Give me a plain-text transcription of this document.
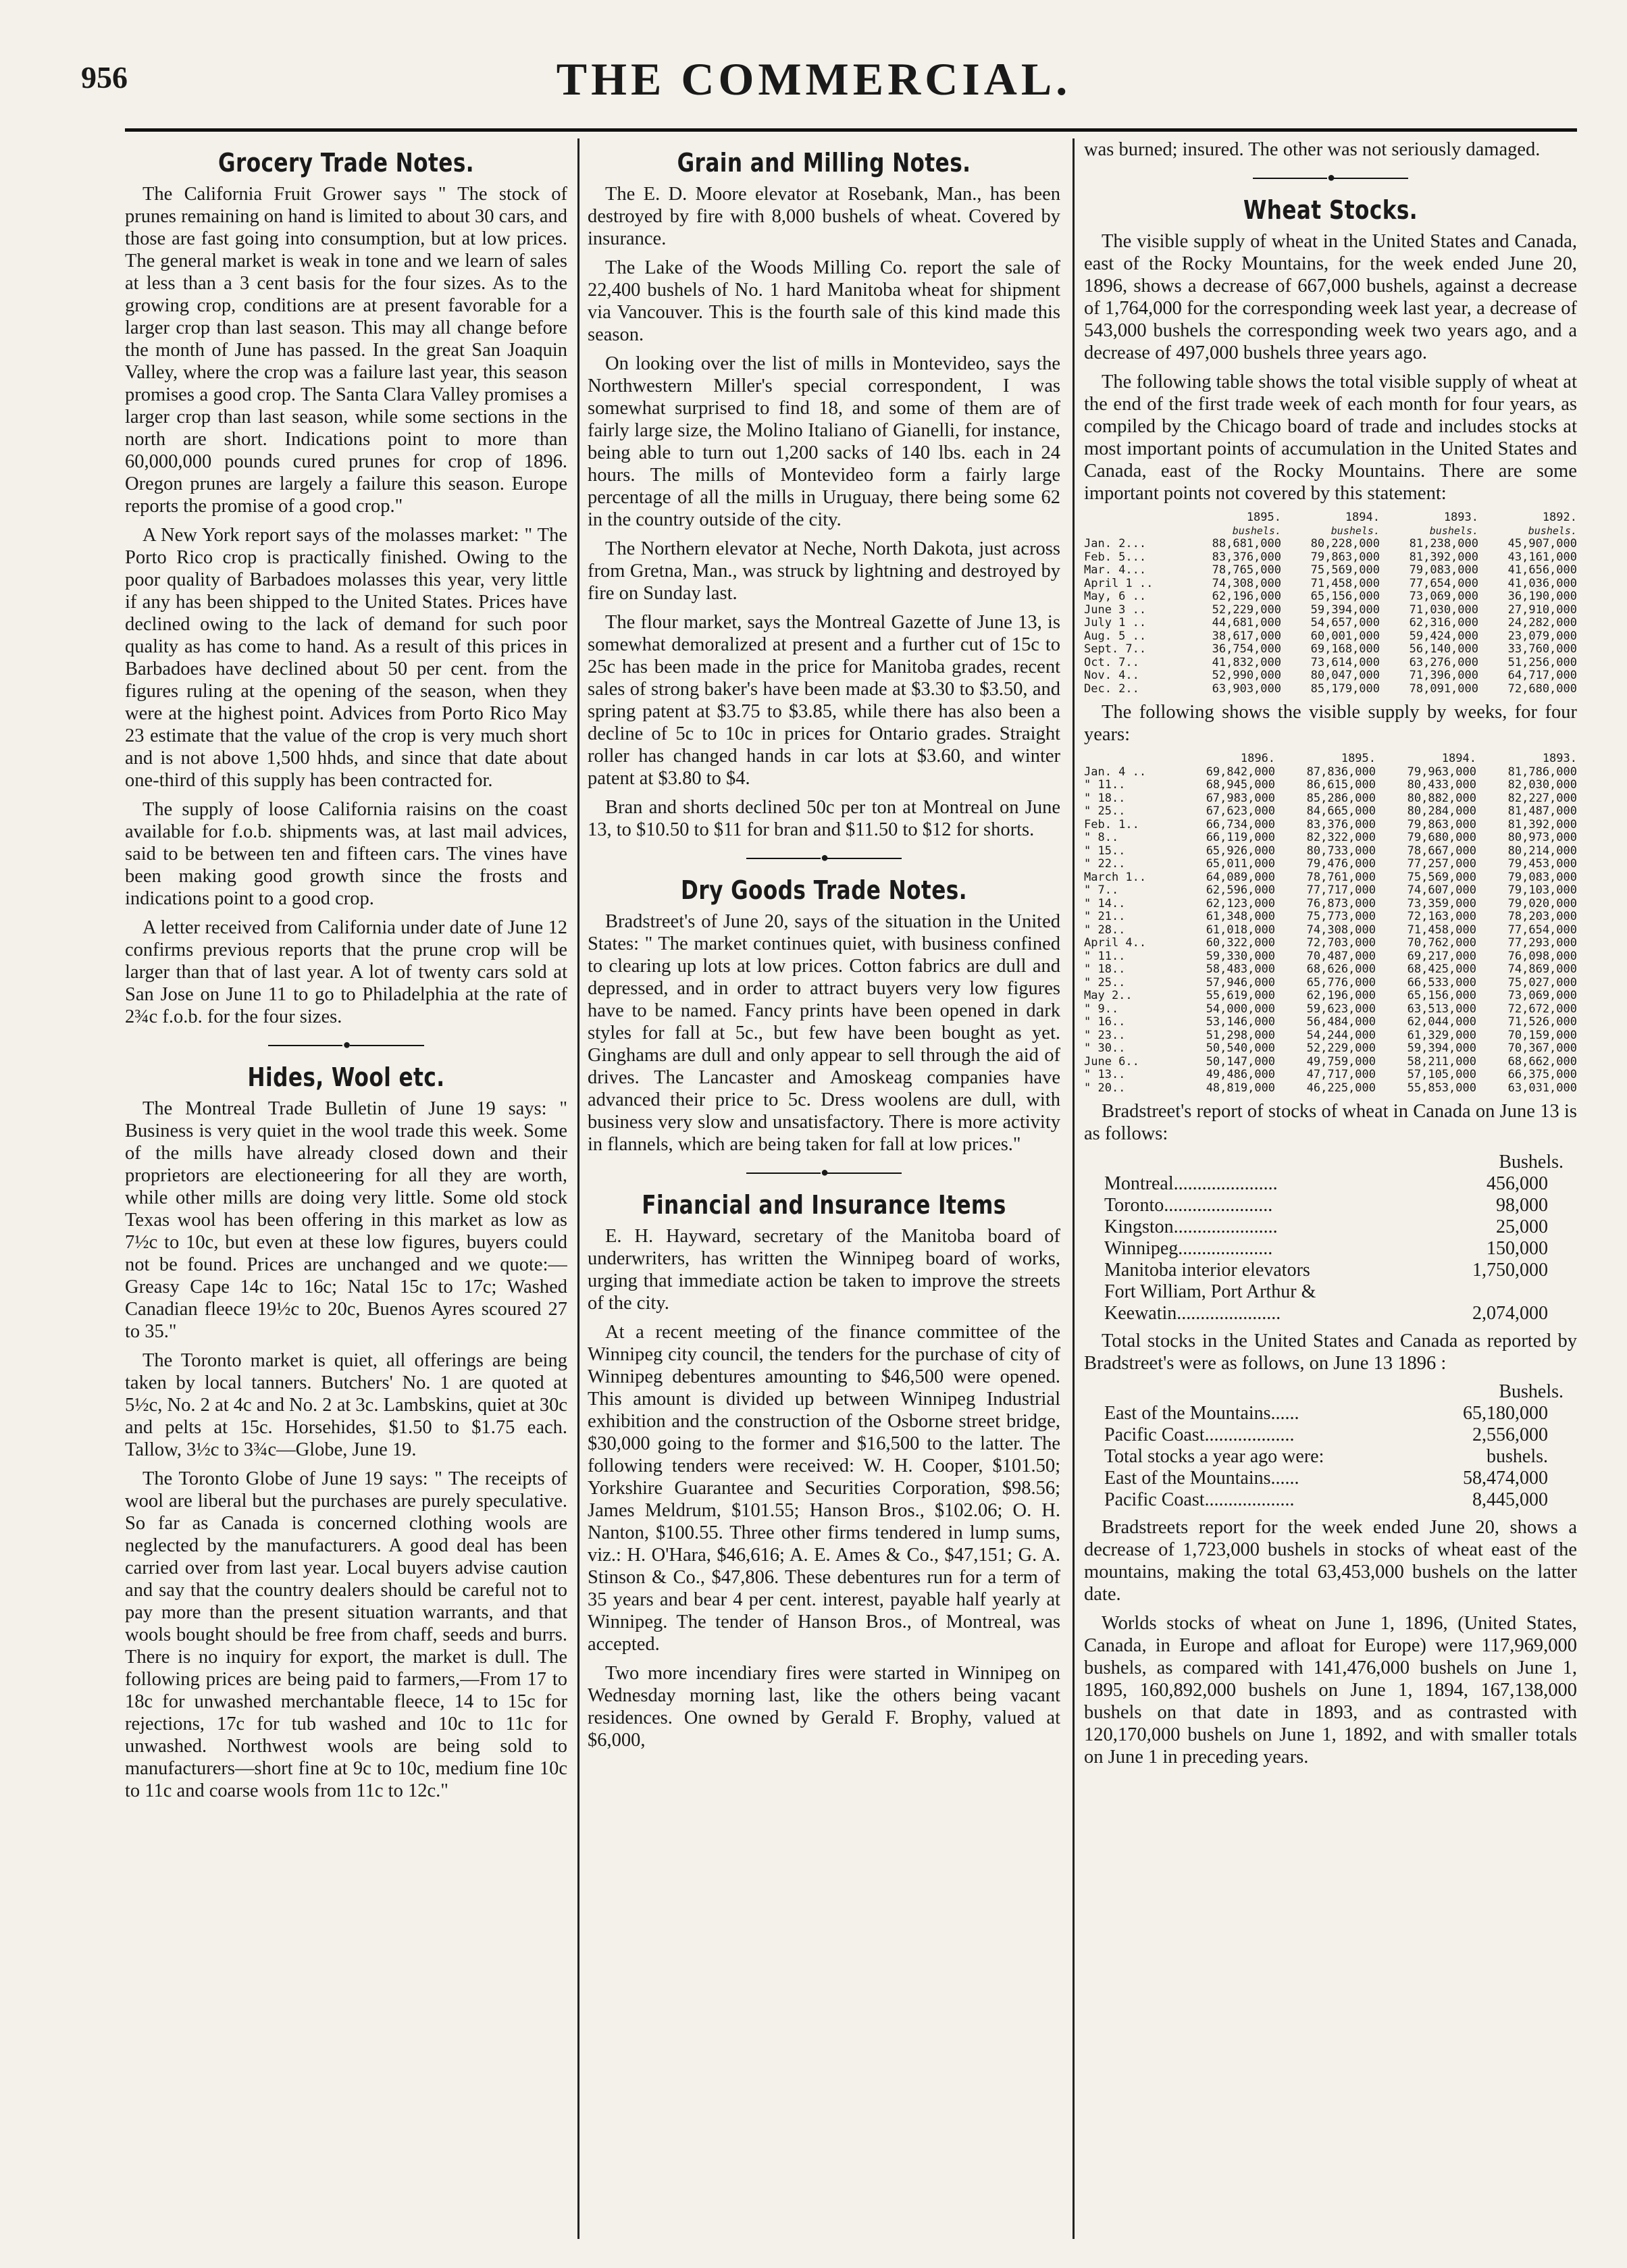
956	THE COMMERCIAL.
Grocery Trade Notes.

The California Fruit Grower says " The stock of prunes remaining on hand is limited to about 30 cars, and those are fast going into consumption, but at low prices. The general market is weak in tone and we learn of sales at less than a 3 cent basis for the four sizes. As to the growing crop, conditions are at present favorable for a larger crop than last season. This may all change before the month of June has passed. In the great San Joaquin Valley, where the crop was a failure last year, this season promises a good crop. The Santa Clara Valley promises a larger crop than last season, while some sections in the north are short. Indications point to more than 60,000,000 pounds cured prunes for crop of 1896. Oregon prunes are largely a failure this season. Europe reports the promise of a good crop."

A New York report says of the molasses market: " The Porto Rico crop is practically finished. Owing to the poor quality of Barbadoes molasses this year, very little if any has been shipped to the United States. Prices have declined owing to the lack of demand for such poor quality as has come to hand. As a result of this prices in Barbadoes have declined about 50 per cent. from the figures ruling at the opening of the season, when they were at the highest point. Advices from Porto Rico May 23 estimate that the value of the crop is very much short and is not above 1,500 hhds, and since that date about one-third of this supply has been contracted for.

The supply of loose California raisins on the coast available for f.o.b. shipments was, at last mail advices, said to be between ten and fifteen cars. The vines have been making good growth since the frosts and indications point to a good crop.

A letter received from California under date of June 12 confirms previous reports that the prune crop will be larger than that of last year. A lot of twenty cars sold at San Jose on June 11 to go to Philadelphia at the rate of 2¾c f.o.b. for the four sizes.

●
Hides, Wool etc.

The Montreal Trade Bulletin of June 19 says: " Business is very quiet in the wool trade this week. Some of the mills have already closed down and their proprietors are electioneering for all they are worth, while other mills are doing very little. Some old stock Texas wool has been offering in this market as low as 7½c to 10c, but even at these low figures, buyers could not be found. Prices are unchanged and we quote:—Greasy Cape 14c to 16c; Natal 15c to 17c; Washed Canadian fleece 19½c to 20c, Buenos Ayres scoured 27 to 35."

The Toronto market is quiet, all offerings are being taken by local tanners. Butchers' No. 1 are quoted at 5½c, No. 2 at 4c and No. 2 at 3c. Lambskins, quiet at 30c and pelts at 15c. Horsehides, $1.50 to $1.75 each. Tallow, 3½c to 3¾c—Globe, June 19.

The Toronto Globe of June 19 says: " The receipts of wool are liberal but the purchases are purely speculative. So far as Canada is concerned clothing wools are neglected by the manufacturers. A good deal has been carried over from last year. Local buyers advise caution and say that the country dealers should be careful not to pay more than the present situation warrants, and that wools bought should be free from chaff, seeds and burrs. There is no inquiry for export, the market is dull. The following prices are being paid to farmers,—From 17 to 18c for unwashed merchantable fleece, 14 to 15c for rejections, 17c for tub washed and 10c to 11c for unwashed. Northwest wools are being sold to manufacturers—short fine at 9c to 10c, medium fine 10c to 11c and coarse wools from 11c to 12c."

Grain and Milling Notes.

The E. D. Moore elevator at Rosebank, Man., has been destroyed by fire with 8,000 bushels of wheat. Covered by insurance.

The Lake of the Woods Milling Co. report the sale of 22,400 bushels of No. 1 hard Manitoba wheat for shipment via Vancouver. This is the fourth sale of this kind made this season.

On looking over the list of mills in Montevideo, says the Northwestern Miller's special correspondent, I was somewhat surprised to find 18, and some of them are of fairly large size, the Molino Italiano of Gianelli, for instance, being able to turn out 1,200 sacks of 140 lbs. each in 24 hours. The mills of Montevideo form a fairly large percentage of all the mills in Uruguay, there being some 62 in the country outside of the city.

The Northern elevator at Neche, North Dakota, just across from Gretna, Man., was struck by lightning and destroyed by fire on Sunday last.

The flour market, says the Montreal Gazette of June 13, is somewhat demoralized at present and a further cut of 15c to 25c has been made in the price for Manitoba grades, recent sales of strong baker's have been made at $3.30 to $3.50, and spring patent at $3.75 to $3.85, while there has also been a decline of 5c to 10c in prices for Ontario grades. Straight roller has changed hands in car lots at $3.60, and winter patent at $3.80 to $4.

Bran and shorts declined 50c per ton at Montreal on June 13, to $10.50 to $11 for bran and $11.50 to $12 for shorts.

●
Dry Goods Trade Notes.

Bradstreet's of June 20, says of the situation in the United States: " The market continues quiet, with business confined to clearing up lots at low prices. Cotton fabrics are dull and depressed, and in order to attract buyers very low figures have to be named. Fancy prints have been opened in dark styles for fall at 5c., but few have been bought as yet. Ginghams are dull and only appear to sell through the aid of drives. The Lancaster and Amoskeag companies have advanced their price to 5c. Dress woolens are dull, with business very slow and unsatisfactory. There is more activity in flannels, which are being taken for fall at low prices."

●
Financial and Insurance Items

E. H. Hayward, secretary of the Manitoba board of underwriters, has written the Winnipeg board of works, urging that immediate action be taken to improve the streets of the city.

At a recent meeting of the finance committee of the Winnipeg city council, the tenders for the purchase of city of Winnipeg debentures amounting to $46,500 were opened. This amount is divided up between Winnipeg Industrial exhibition and the construction of the Osborne street bridge, $30,000 going to the former and $16,500 to the latter. The following tenders were received: W. H. Cooper, $101.50; Yorkshire Guarantee and Securities Corporation, $98.56; James Meldrum, $101.55; Hanson Bros., $102.06; O. H. Nanton, $100.55. Three other firms tendered in lump sums, viz.: H. O'Hara, $46,616; A. E. Ames & Co., $47,151; G. A. Stinson & Co., $47,806. These debentures run for a term of 35 years and bear 4 per cent. interest, payable half yearly at Winnipeg. The tender of Hanson Bros., of Montreal, was accepted.

Two more incendiary fires were started in Winnipeg on Wednesday morning last, like the others being vacant residences. One owned by Gerald F. Brophy, valued at $6,000,

was burned; insured. The other was not seriously damaged.

●
Wheat Stocks.

The visible supply of wheat in the United States and Canada, east of the Rocky Mountains, for the week ended June 20, 1896, shows a decrease of 667,000 bushels, against a decrease of 1,764,000 for the corresponding week last year, a decrease of 543,000 bushels the corresponding week two years ago, and a decrease of 497,000 bushels three years ago.

The following table shows the total visible supply of wheat at the end of the first trade week of each month for four years, as compiled by the Chicago board of trade and includes stocks at most important points of accumulation in the United States and Canada, east of the Rocky Mountains. There are some important points not covered by this statement:

	1895.	1894.	1893.	1892.
	bushels.	bushels.	bushels.	bushels.
Jan. 2...	88,681,000	80,228,000	81,238,000	45,907,000
Feb. 5...	83,376,000	79,863,000	81,392,000	43,161,000
Mar. 4...	78,765,000	75,569,000	79,083,000	41,656,000
April 1 ..	74,308,000	71,458,000	77,654,000	41,036,000
May, 6 ..	62,196,000	65,156,000	73,069,000	36,190,000
June 3 ..	52,229,000	59,394,000	71,030,000	27,910,000
July 1 ..	44,681,000	54,657,000	62,316,000	24,282,000
Aug. 5 ..	38,617,000	60,001,000	59,424,000	23,079,000
Sept. 7..	36,754,000	69,168,000	56,140,000	33,760,000
Oct. 7..	41,832,000	73,614,000	63,276,000	51,256,000
Nov. 4..	52,990,000	80,047,000	71,396,000	64,717,000
Dec. 2..	63,903,000	85,179,000	78,091,000	72,680,000

The following shows the visible supply by weeks, for four years:

	1896.	1895.	1894.	1893.
Jan. 4 ..	69,842,000	87,836,000	79,963,000	81,786,000
" 11..	68,945,000	86,615,000	80,433,000	82,030,000
" 18..	67,983,000	85,286,000	80,882,000	82,227,000
" 25..	67,623,000	84,665,000	80,284,000	81,487,000
Feb. 1..	66,734,000	83,376,000	79,863,000	81,392,000
" 8..	66,119,000	82,322,000	79,680,000	80,973,000
" 15..	65,926,000	80,733,000	78,667,000	80,214,000
" 22..	65,011,000	79,476,000	77,257,000	79,453,000
March 1..	64,089,000	78,761,000	75,569,000	79,083,000
" 7..	62,596,000	77,717,000	74,607,000	79,103,000
" 14..	62,123,000	76,873,000	73,359,000	79,020,000
" 21..	61,348,000	75,773,000	72,163,000	78,203,000
" 28..	61,018,000	74,308,000	71,458,000	77,654,000
April 4..	60,322,000	72,703,000	70,762,000	77,293,000
" 11..	59,330,000	70,487,000	69,217,000	76,098,000
" 18..	58,483,000	68,626,000	68,425,000	74,869,000
" 25..	57,946,000	65,776,000	66,533,000	75,027,000
May 2..	55,619,000	62,196,000	65,156,000	73,069,000
" 9..	54,000,000	59,623,000	63,513,000	72,672,000
" 16..	53,146,000	56,484,000	62,044,000	71,526,000
" 23..	51,298,000	54,244,000	61,329,000	70,159,000
" 30..	50,540,000	52,229,000	59,394,000	70,367,000
June 6..	50,147,000	49,759,000	58,211,000	68,662,000
" 13..	49,486,000	47,717,000	57,105,000	66,375,000
" 20..	48,819,000	46,225,000	55,853,000	63,031,000

Bradstreet's report of stocks of wheat in Canada on June 13 is as follows:

Bushels.
Montreal......................	456,000
Toronto.......................	98,000
Kingston......................	25,000
Winnipeg....................	150,000
Manitoba interior elevators	1,750,000
Fort William, Port Arthur &	
Keewatin......................	2,074,000

Total stocks in the United States and Canada as reported by Bradstreet's were as follows, on June 13 1896 :

Bushels.
East of the Mountains......	65,180,000
Pacific Coast...................	2,556,000
Total stocks a year ago were:	bushels.
East of the Mountains......	58,474,000
Pacific Coast...................	8,445,000

Bradstreets report for the week ended June 20, shows a decrease of 1,723,000 bushels in stocks of wheat east of the mountains, making the total 63,453,000 bushels on the latter date.

Worlds stocks of wheat on June 1, 1896, (United States, Canada, in Europe and afloat for Europe) were 117,969,000 bushels, as compared with 141,476,000 bushels on June 1, 1895, 160,892,000 bushels on June 1, 1894, 167,138,000 bushels on that date in 1893, and as contrasted with 120,170,000 bushels on June 1, 1892, and with smaller totals on June 1 in preceding years.
